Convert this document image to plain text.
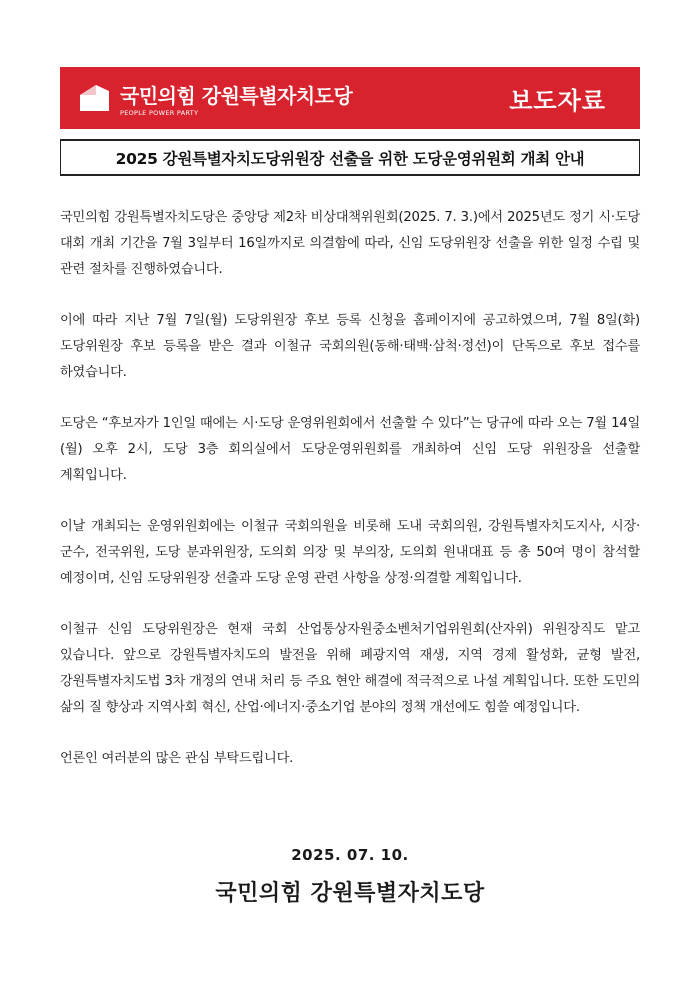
국민의힘 강원특별자치도당
PEOPLE POWER PARTY	보도자료
2025 강원특별자치도당위원장 선출을 위한 도당운영위원회 개최 안내

국민의힘 강원특별자치도당은 중앙당 제2차 비상대책위원회(2025. 7. 3.)에서 2025년도 정기 시·도당 대회 개최 기간을 7월 3일부터 16일까지로 의결함에 따라, 신임 도당위원장 선출을 위한 일정 수립 및 관련 절차를 진행하였습니다.

이에 따라 지난 7월 7일(월) 도당위원장 후보 등록 신청을 홈페이지에 공고하였으며, 7월 8일(화) 도당위원장 후보 등록을 받은 결과 이철규 국회의원(동해·태백·삼척·정선)이 단독으로 후보 접수를 하였습니다.

도당은 “후보자가 1인일 때에는 시·도당 운영위원회에서 선출할 수 있다”는 당규에 따라 오는 7월 14일(월) 오후 2시, 도당 3층 회의실에서 도당운영위원회를 개최하여 신임 도당 위원장을 선출할 계획입니다.

이날 개최되는 운영위원회에는 이철규 국회의원을 비롯해 도내 국회의원, 강원특별자치도지사, 시장·군수, 전국위원, 도당 분과위원장, 도의회 의장 및 부의장, 도의회 원내대표 등 총 50여 명이 참석할 예정이며, 신임 도당위원장 선출과 도당 운영 관련 사항을 상정·의결할 계획입니다.

이철규 신임 도당위원장은 현재 국회 산업통상자원중소벤처기업위원회(산자위) 위원장직도 맡고 있습니다. 앞으로 강원특별자치도의 발전을 위해 폐광지역 재생, 지역 경제 활성화, 균형 발전, 강원특별자치도법 3차 개정의 연내 처리 등 주요 현안 해결에 적극적으로 나설 계획입니다. 또한 도민의 삶의 질 향상과 지역사회 혁신, 산업·에너지·중소기업 분야의 정책 개선에도 힘쓸 예정입니다.

언론인 여러분의 많은 관심 부탁드립니다.

2025. 07. 10.
국민의힘 강원특별자치도당
